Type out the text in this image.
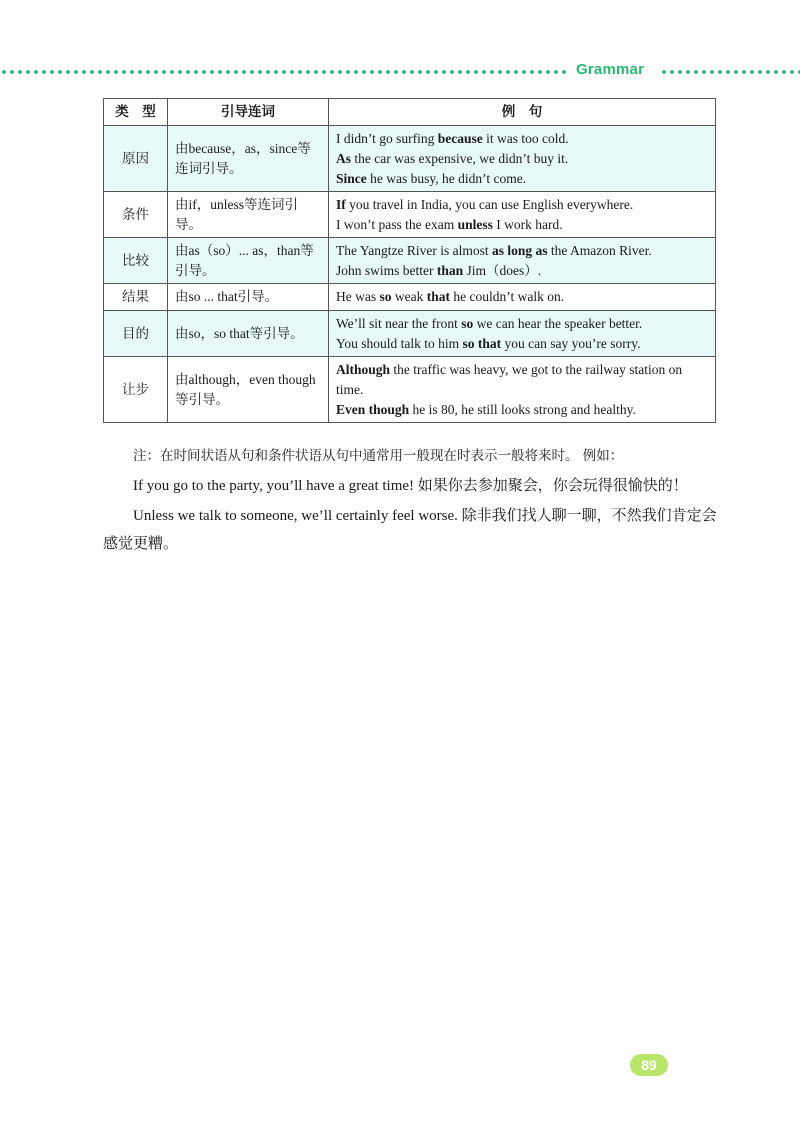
Grammar
类　型	引导连词	例　句
原因	由because，as，since等连词引导。	I didn’t go surfing because it was too cold.
As the car was expensive, we didn’t buy it.
Since he was busy, he didn’t come.

条件	由if，unless等连词引导。	If you travel in India, you can use English everywhere.
I won’t pass the exam unless I work hard.

比较	由as（so）... as，than等引导。	The Yangtze River is almost as long as the Amazon River.
John swims better than Jim（does）.

结果	由so ... that引导。	He was so weak that he couldn’t walk on.

目的	由so，so that等引导。	We’ll sit near the front so we can hear the speaker better.
You should talk to him so that you can say you’re sorry.

让步	由although，even though等引导。	Although the traffic was heavy, we got to the railway station on time.
Even though he is 80, he still looks strong and healthy.
注：在时间状语从句和条件状语从句中通常用一般现在时表示一般将来时。 例如：
If you go to the party, you’ll have a great time! 如果你去参加聚会，你会玩得很愉快的！
Unless we talk to someone, we’ll certainly feel worse. 除非我们找人聊一聊，不然我们肯定会感觉更糟。
89
